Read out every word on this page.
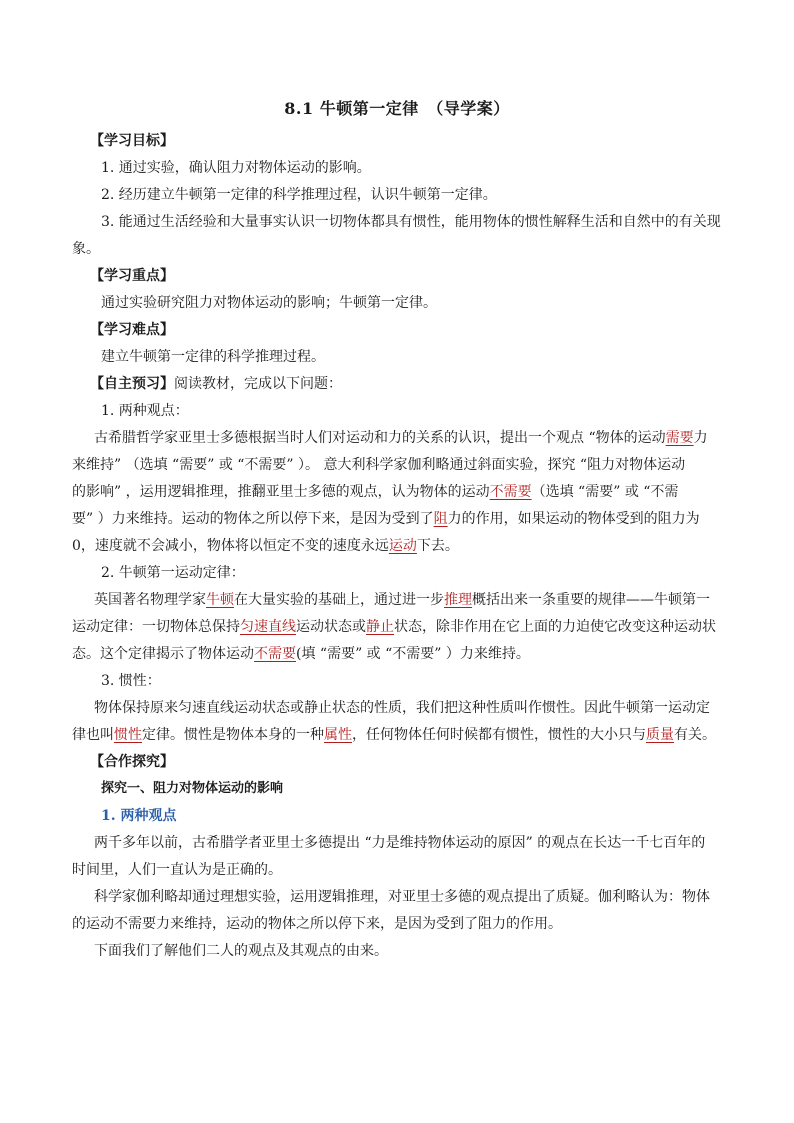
8.1 牛顿第一定律　（导学案）
【学习目标】
1. 通过实验，确认阻力对物体运动的影响。
2. 经历建立牛顿第一定律的科学推理过程，认识牛顿第一定律。
3. 能通过生活经验和大量事实认识一切物体都具有惯性，能用物体的惯性解释生活和自然中的有关现
象。
【学习重点】
通过实验研究阻力对物体运动的影响；牛顿第一定律。
【学习难点】
建立牛顿第一定律的科学推理过程。
【自主预习】阅读教材，完成以下问题：
1. 两种观点：
古希腊哲学家亚里士多德根据当时人们对运动和力的关系的认识，提出一个观点 “物体的运动需要力
来维持” （选填 “需要” 或 “不需要” ）。 意大利科学家伽利略通过斜面实验，探究 “阻力对物体运动
的影响” ，运用逻辑推理，推翻亚里士多德的观点，认为物体的运动不需要（选填 “需要” 或 “不需
要” ）力来维持。运动的物体之所以停下来，是因为受到了阻力的作用，如果运动的物体受到的阻力为
0，速度就不会减小，物体将以恒定不变的速度永远运动下去。
2. 牛顿第一运动定律：
英国著名物理学家牛顿在大量实验的基础上，通过进一步推理概括出来一条重要的规律——牛顿第一
运动定律：一切物体总保持匀速直线运动状态或静止状态，除非作用在它上面的力迫使它改变这种运动状
态。这个定律揭示了物体运动不需要(填 “需要” 或 “不需要” ）力来维持。
3. 惯性：
物体保持原来匀速直线运动状态或静止状态的性质，我们把这种性质叫作惯性。因此牛顿第一运动定
律也叫惯性定律。惯性是物体本身的一种属性，任何物体任何时候都有惯性，惯性的大小只与质量有关。
【合作探究】
探究一、阻力对物体运动的影响
1. 两种观点
两千多年以前，古希腊学者亚里士多德提出 “力是维持物体运动的原因” 的观点在长达一千七百年的
时间里，人们一直认为是正确的。
科学家伽利略却通过理想实验，运用逻辑推理，对亚里士多德的观点提出了质疑。伽利略认为：物体
的运动不需要力来维持，运动的物体之所以停下来，是因为受到了阻力的作用。
下面我们了解他们二人的观点及其观点的由来。
